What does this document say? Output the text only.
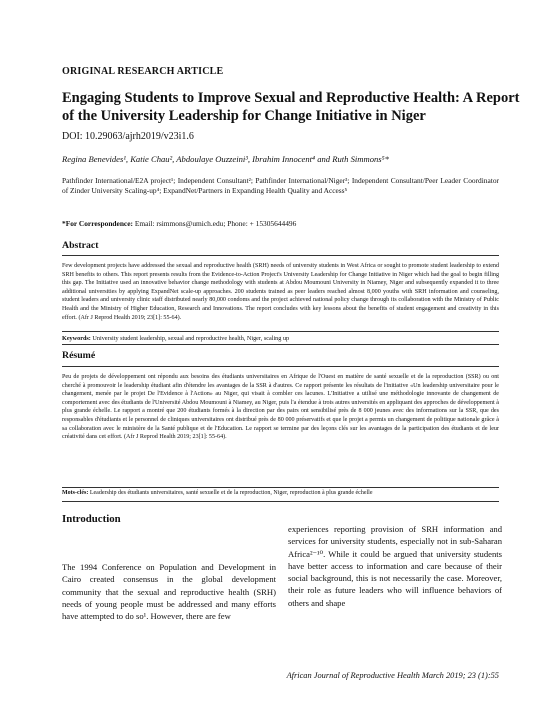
ORIGINAL RESEARCH ARTICLE
Engaging Students to Improve Sexual and Reproductive Health: A Report of the University Leadership for Change Initiative in Niger
DOI: 10.29063/ajrh2019/v23i1.6
Regina Benevides¹, Katie Chau², Abdoulaye Ouzzeini³, Ibrahim Innocent⁴ and Ruth Simmons⁵*
Pathfinder International/E2A project¹; Independent Consultant²; Pathfinder International/Niger³; Independent Consultant/Peer Leader Coordinator of Zinder University Scaling-up⁴; ExpandNet/Partners in Expanding Health Quality and Access⁵
*For Correspondence: Email: rsimmons@umich.edu; Phone: + 15305644496
Abstract
Few development projects have addressed the sexual and reproductive health (SRH) needs of university students in West Africa or sought to promote student leadership to extend SRH benefits to others. This report presents results from the Evidence-to-Action Project's University Leadership for Change Initiative in Niger which had the goal to begin filling this gap. The Initiative used an innovative behavior change methodology with students at Abdou Moumouni University in Niamey, Niger and subsequently expanded it to three additional universities by applying ExpandNet scale-up approaches. 200 students trained as peer leaders reached almost 8,000 youths with SRH information and counseling, student leaders and university clinic staff distributed nearly 80,000 condoms and the project achieved national policy change through its collaboration with the Ministry of Public Health and the Ministry of Higher Education, Research and Innovations. The report concludes with key lessons about the benefits of student engagement and creativity in this effort. (Afr J Reprod Health 2019; 23[1]: 55-64).
Keywords: University student leadership, sexual and reproductive health, Niger, scaling up
Résumé
Peu de projets de développement ont répondu aux besoins des étudiants universitaires en Afrique de l'Ouest en matière de santé sexuelle et de la reproduction (SSR) ou ont cherché à promouvoir le leadership étudiant afin d'étendre les avantages de la SSR à d'autres. Ce rapport présente les résultats de l'initiative «Un leadership universitaire pour le changement, menée par le projet De l'Evidence à l'Action» au Niger, qui visait à combler ces lacunes. L'Initiative a utilisé une méthodologie innovante de changement de comportement avec des étudiants de l'Université Abdou Moumouni à Niamey, au Niger, puis l'a étendue à trois autres universités en appliquant des approches de développement à plus grande échelle. Le rapport a montré que 200 étudiants formés à la direction par des pairs ont sensibilisé près de 8 000 jeunes avec des informations sur la SSR, que des responsables d'étudiants et le personnel de cliniques universitaires ont distribué près de 80 000 préservatifs et que le projet a permis un changement de politique nationale grâce à sa collaboration avec le ministère de la Santé publique et de l'Education. Le rapport se termine par des leçons clés sur les avantages de la participation des étudiants et de leur créativité dans cet effort. (Afr J Reprod Health 2019; 23[1]: 55-64).
Mots-clés: Leadership des étudiants universitaires, santé sexuelle et de la reproduction, Niger, reproduction à plus grande échelle
Introduction
The 1994 Conference on Population and Development in Cairo created consensus in the global development community that the sexual and reproductive health (SRH) needs of young people must be addressed and many efforts have attempted to do so¹. However, there are few
experiences reporting provision of SRH information and services for university students, especially not in sub-Saharan Africa²⁻¹⁰. While it could be argued that university students have better access to information and care because of their social background, this is not necessarily the case. Moreover, their role as future leaders who will influence behaviors of others and shape
African Journal of Reproductive Health March 2019; 23 (1):55
